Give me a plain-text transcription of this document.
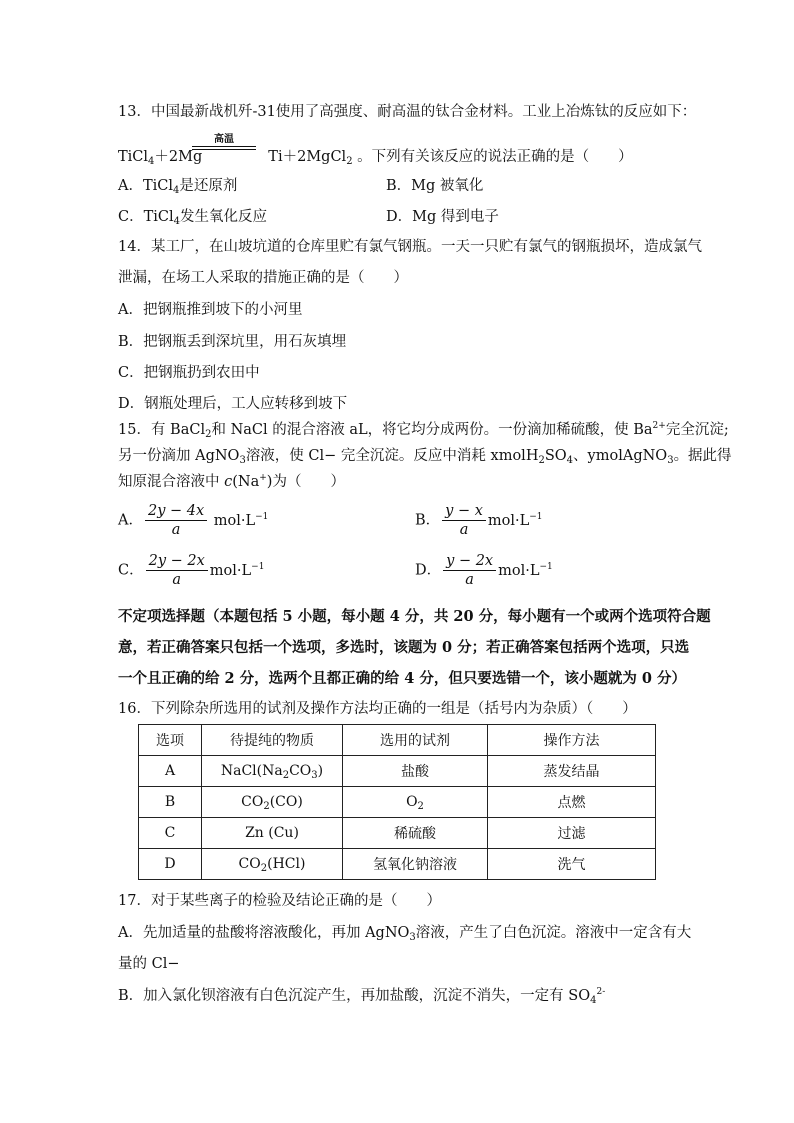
13．中国最新战机歼-31使用了高强度、耐高温的钛合金材料。工业上冶炼钛的反应如下：
TiCl$_4$＋2Mg	Ti＋2MgCl$_2$ 。下列有关该反应的说法正确的是（　　）
高温
A．TiCl$_4$是还原剂	B．Mg 被氧化
C．TiCl$_4$发生氧化反应	D．Mg 得到电子
14．某工厂，在山坡坑道的仓库里贮有氯气钢瓶。一天一只贮有氯气的钢瓶损坏，造成氯气
泄漏，在场工人采取的措施正确的是（　　）
A．把钢瓶推到坡下的小河里
B．把钢瓶丢到深坑里，用石灰填埋
C．把钢瓶扔到农田中
D．钢瓶处理后，工人应转移到坡下
15．有 BaCl$_2$和 NaCl 的混合溶液 aL，将它均分成两份。一份滴加稀硫酸，使 $Ba^{2+}$完全沉淀;
另一份滴加 AgNO$_3$溶液，使 Cl− 完全沉淀。反应中消耗 $xmolH_2SO_4$、ymolAgNO$_3$。据此得
知原混合溶液中 c(Na+)为（　　）
A． $\frac{2y - 4x}{a} mol\cdot L^{-1}$	B． $\frac{y - x}{a} mol\cdot L^{-1}$
C． $\frac{2y - 2x}{a} mol\cdot L^{-1}$	D． $\frac{y - 2x}{a} mol\cdot L^{-1}$
不定项选择题（本题包括 5 小题，每小题 4 分，共 20 分，每小题有一个或两个选项符合题
意，若正确答案只包括一个选项，多选时，该题为 0 分；若正确答案包括两个选项，只选
一个且正确的给 2 分，选两个且都正确的给 4 分，但只要选错一个，该小题就为 0 分）
16．下列除杂所选用的试剂及操作方法均正确的一组是（括号内为杂质）（　　）
选项	待提纯的物质	选用的试剂	操作方法
A	$NaCl(Na_2CO_3)$	盐酸	蒸发结晶
B	$CO_2(CO)$	$O_2$	点燃
C	Zn (Cu)	稀硫酸	过滤
D	$CO_2(HCl)$	氢氧化钠溶液	洗气
17．对于某些离子的检验及结论正确的是（　　）
A．先加适量的盐酸将溶液酸化，再加 AgNO$_3$溶液，产生了白色沉淀。溶液中一定含有大
量的 Cl−
B．加入氯化钡溶液有白色沉淀产生，再加盐酸，沉淀不消失，一定有 $SO_4^{2-}$
